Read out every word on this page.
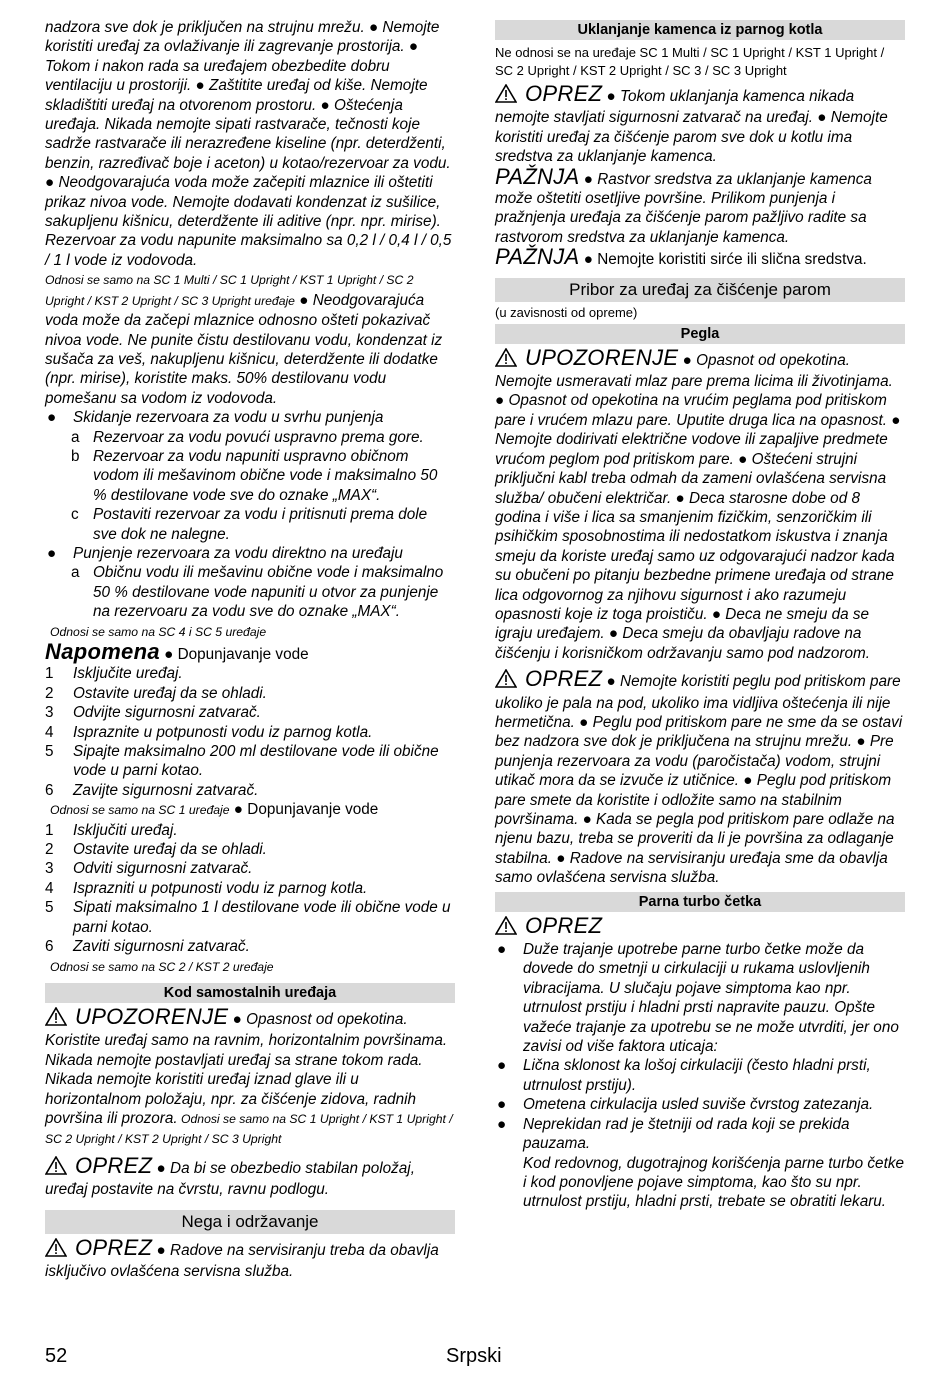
nadzora sve dok je priključen na strujnu mrežu. ● Nemojte koristiti uređaj za ovlaživanje ili zagrevanje prostorija. ● Tokom i nakon rada sa uređajem obezbedite dobru ventilaciju u prostoriji. ● Zaštitite uređaj od kiše. Nemojte skladištiti uređaj na otvorenom prostoru. ● Oštećenja uređaja. Nikada nemojte sipati rastvarače, tečnosti koje sadrže rastvarače ili nerazređene kiseline (npr. deterdženti, benzin, razređivač boje i aceton) u kotao/rezervoar za vodu. ● Neodgovarajuća voda može začepiti mlaznice ili oštetiti prikaz nivoa vode. Nemojte dodavati kondenzat iz sušilice, sakupljenu kišnicu, deterdžente ili aditive (npr. npr. mirise). Rezervoar za vodu napunite maksimalno sa 0,2 l / 0,4 l / 0,5 / 1 l vode iz vodovoda.

Odnosi se samo na SC 1 Multi / SC 1 Upright / KST 1 Upright / SC 2 Upright / KST 2 Upright / SC 3 Upright uređaje ● Neodgovarajuća voda može da začepi mlaznice odnosno ošteti pokazivač nivoa vode. Ne punite čistu destilovanu vodu, kondenzat iz sušača za veš, nakupljenu kišnicu, deterdžente ili dodatke (npr. mirise), koristite maks. 50% destilovanu vodu pomešanu sa vodom iz vodovoda.

● Skidanje rezervoara za vodu u svrhu punjenja
a Rezervoar za vodu povući uspravno prema gore.
b Rezervoar za vodu napuniti uspravno običnom vodom ili mešavinom obične vode i maksimalno 50 % destilovane vode sve do oznake „MAX“.
c Postaviti rezervoar za vodu i pritisnuti prema dole sve dok ne nalegne.
● Punjenje rezervoara za vodu direktno na uređaju
a Običnu vodu ili mešavinu obične vode i maksimalno 50 % destilovane vode napuniti u otvor za punjenje na rezervoaru za vodu sve do oznake „MAX“.

Odnosi se samo na SC 4 i SC 5 uređaje

Napomena ● Dopunjavanje vode

1 Isključite uređaj.
2 Ostavite uređaj da se ohladi.
3 Odvijte sigurnosni zatvarač.
4 Ispraznite u potpunosti vodu iz parnog kotla.
5 Sipajte maksimalno 200 ml destilovane vode ili obične vode u parni kotao.
6 Zavijte sigurnosni zatvarač.

Odnosi se samo na SC 1 uređaje ● Dopunjavanje vode

1 Isključiti uređaj.
2 Ostavite uređaj da se ohladi.
3 Odviti sigurnosni zatvarač.
4 Isprazniti u potpunosti vodu iz parnog kotla.
5 Sipati maksimalno 1 l destilovane vode ili obične vode u parni kotao.
6 Zaviti sigurnosni zatvarač.

Odnosi se samo na SC 2 / KST 2 uređaje

Kod samostalnih uređaja

UPOZORENJE ● Opasnost od opekotina. Koristite uređaj samo na ravnim, horizontalnim površinama. Nikada nemojte postavljati uređaj sa strane tokom rada. Nikada nemojte koristiti uređaj iznad glave ili u horizontalnom položaju, npr. za čišćenje zidova, radnih površina ili prozora. Odnosi se samo na SC 1 Upright / KST 1 Upright / SC 2 Upright / KST 2 Upright / SC 3 Upright

OPREZ ● Da bi se obezbedio stabilan položaj, uređaj postavite na čvrstu, ravnu podlogu.

Nega i održavanje

OPREZ ● Radove na servisiranju treba da obavlja isključivo ovlašćena servisna služba.

Uklanjanje kamenca iz parnog kotla

Ne odnosi se na uređaje SC 1 Multi / SC 1 Upright / KST 1 Upright / SC 2 Upright / KST 2 Upright / SC 3 / SC 3 Upright

OPREZ ● Tokom uklanjanja kamenca nikada nemojte stavljati sigurnosni zatvarač na uređaj. ● Nemojte koristiti uređaj za čišćenje parom sve dok u kotlu ima sredstva za uklanjanje kamenca.

PAŽNJA ● Rastvor sredstva za uklanjanje kamenca može oštetiti osetljive površine. Prilikom punjenja i pražnjenja uređaja za čišćenje parom pažljivo radite sa rastvorom sredstva za uklanjanje kamenca.

PAŽNJA ● Nemojte koristiti sirće ili slična sredstva.

Pribor za uređaj za čišćenje parom

(u zavisnosti od opreme)

Pegla

UPOZORENJE ● Opasnot od opekotina. Nemojte usmeravati mlaz pare prema licima ili životinjama. ● Opasnot od opekotina na vrućim peglama pod pritiskom pare i vrućem mlazu pare. Uputite druga lica na opasnost. ● Nemojte dodirivati električne vodove ili zapaljive predmete vrućom peglom pod pritiskom pare. ● Oštećeni strujni priključni kabl treba odmah da zameni ovlašćena servisna služba/ obučeni električar. ● Deca starosne dobe od 8 godina i više i lica sa smanjenim fizičkim, senzoričkim ili psihičkim sposobnostima ili nedostatkom iskustva i znanja smeju da koriste uređaj samo uz odgovarajući nadzor kada su obučeni po pitanju bezbedne primene uređaja od strane lica odgovornog za njihovu sigurnost i ako razumeju opasnosti koje iz toga proističu. ● Deca ne smeju da se igraju uređajem. ● Deca smeju da obavljaju radove na čišćenju i korisničkom održavanju samo pod nadzorom.

OPREZ ● Nemojte koristiti peglu pod pritiskom pare ukoliko je pala na pod, ukoliko ima vidljiva oštećenja ili nije hermetična. ● Peglu pod pritiskom pare ne sme da se ostavi bez nadzora sve dok je priključena na strujnu mrežu. ● Pre punjenja rezervoara za vodu (paročistača) vodom, strujni utikač mora da se izvuče iz utičnice. ● Peglu pod pritiskom pare smete da koristite i odložite samo na stabilnim površinama. ● Kada se pegla pod pritiskom pare odlaže na njenu bazu, treba se proveriti da li je površina za odlaganje stabilna. ● Radove na servisiranju uređaja sme da obavlja samo ovlašćena servisna služba.

Parna turbo četka

OPREZ

● Duže trajanje upotrebe parne turbo četke može da dovede do smetnji u cirkulaciji u rukama uslovljenih vibracijama. U slučaju pojave simptoma kao npr. utrnulost prstiju i hladni prsti napravite pauzu. Opšte važeće trajanje za upotrebu se ne može utvrditi, jer ono zavisi od više faktora uticaja:
● Lična sklonost ka lošoj cirkulaciji (često hladni prsti, utrnulost prstiju).
● Ometena cirkulacija usled suviše čvrstog zatezanja.
● Neprekidan rad je štetniji od rada koji se prekida pauzama.

Kod redovnog, dugotrajnog korišćenja parne turbo četke i kod ponovljene pojave simptoma, kao što su npr. utrnulost prstiju, hladni prsti, trebate se obratiti lekaru.

52	Srpski
